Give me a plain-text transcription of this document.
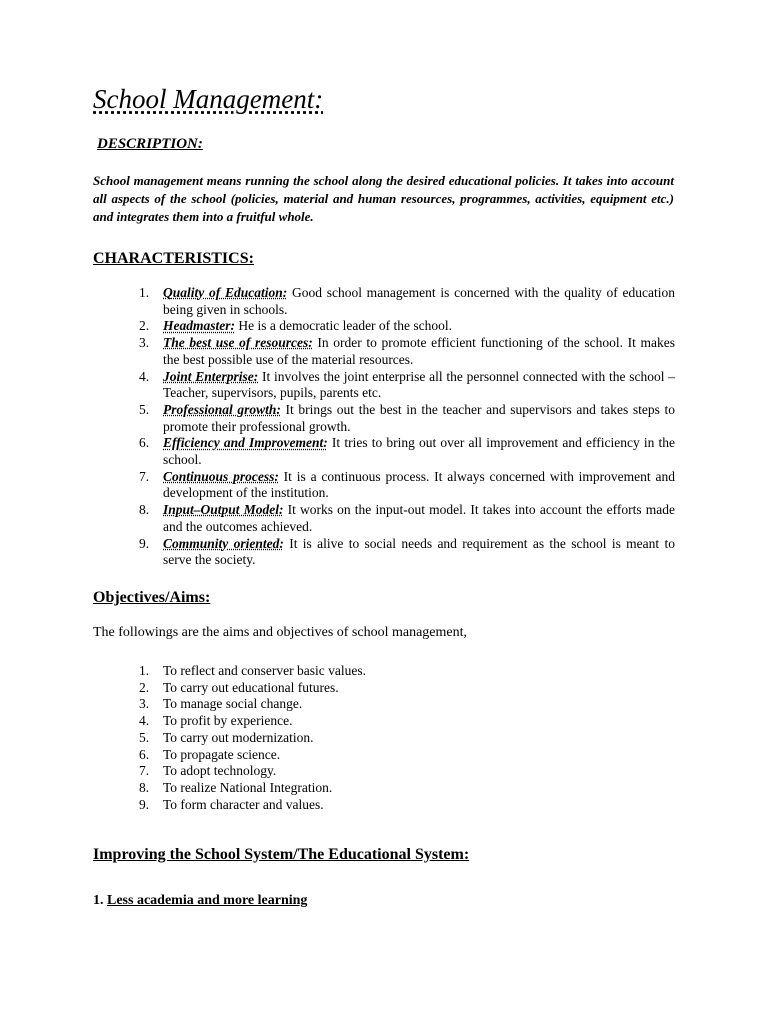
School Management:
DESCRIPTION:

School management means running the school along the desired educational policies. It takes into account all aspects of the school (policies, material and human resources, programmes, activities, equipment etc.) and integrates them into a fruitful whole.

CHARACTERISTICS:
1. Quality of Education: Good school management is concerned with the quality of education being given in schools.
2. Headmaster: He is a democratic leader of the school.
3. The best use of resources: In order to promote efficient functioning of the school. It makes the best possible use of the material resources.
4. Joint Enterprise: It involves the joint enterprise all the personnel connected with the school – Teacher, supervisors, pupils, parents etc.
5. Professional growth: It brings out the best in the teacher and supervisors and takes steps to promote their professional growth.
6. Efficiency and Improvement: It tries to bring out over all improvement and efficiency in the school.
7. Continuous process: It is a continuous process. It always concerned with improvement and development of the institution.
8. Input–Output Model: It works on the input-out model. It takes into account the efforts made and the outcomes achieved.
9. Community oriented: It is alive to social needs and requirement as the school is meant to serve the society.
Objectives/Aims:

The followings are the aims and objectives of school management,

1. To reflect and conserver basic values.
2. To carry out educational futures.
3. To manage social change.
4. To profit by experience.
5. To carry out modernization.
6. To propagate science.
7. To adopt technology.
8. To realize National Integration.
9. To form character and values.
Improving the School System/The Educational System:

1. Less academia and more learning
